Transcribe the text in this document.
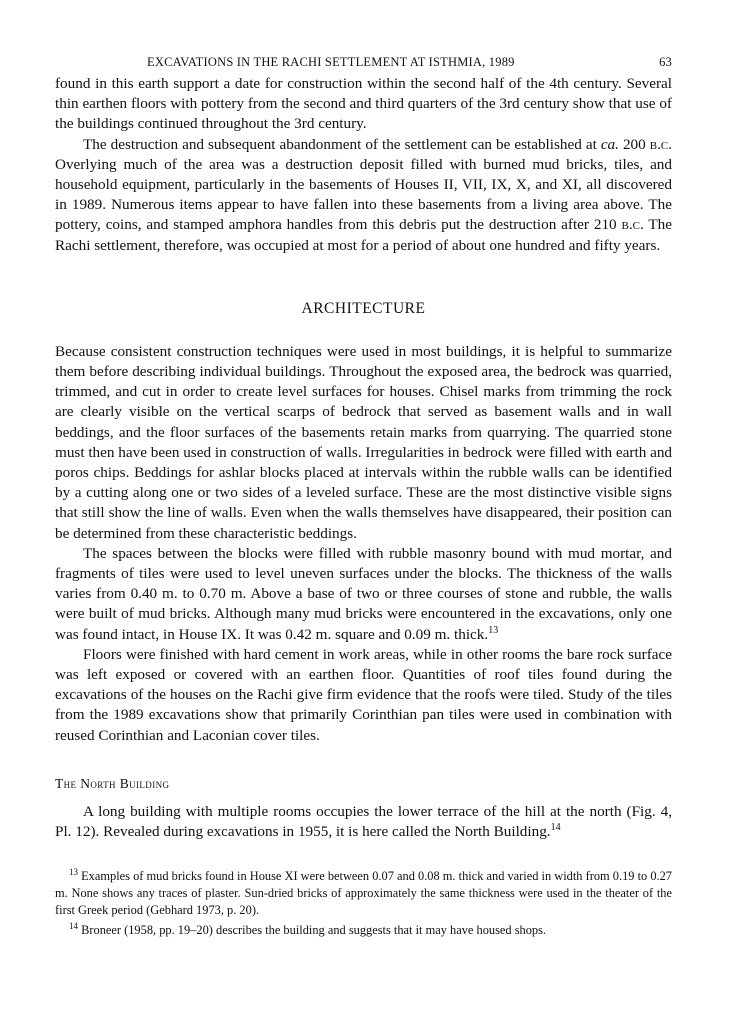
EXCAVATIONS IN THE RACHI SETTLEMENT AT ISTHMIA, 1989	63

found in this earth support a date for construction within the second half of the 4th century. Several thin earthen floors with pottery from the second and third quarters of the 3rd century show that use of the buildings continued throughout the 3rd century.

The destruction and subsequent abandonment of the settlement can be established at ca. 200 b.c. Overlying much of the area was a destruction deposit filled with burned mud bricks, tiles, and household equipment, particularly in the basements of Houses II, VII, IX, X, and XI, all discovered in 1989. Numerous items appear to have fallen into these basements from a living area above. The pottery, coins, and stamped amphora handles from this debris put the destruction after 210 b.c. The Rachi settlement, therefore, was occupied at most for a period of about one hundred and fifty years.

ARCHITECTURE

Because consistent construction techniques were used in most buildings, it is helpful to summarize them before describing individual buildings. Throughout the exposed area, the bedrock was quarried, trimmed, and cut in order to create level surfaces for houses. Chisel marks from trimming the rock are clearly visible on the vertical scarps of bedrock that served as basement walls and in wall beddings, and the floor surfaces of the basements retain marks from quarrying. The quarried stone must then have been used in construction of walls. Irregularities in bedrock were filled with earth and poros chips. Beddings for ashlar blocks placed at intervals within the rubble walls can be identified by a cutting along one or two sides of a leveled surface. These are the most distinctive visible signs that still show the line of walls. Even when the walls themselves have disappeared, their position can be determined from these characteristic beddings.

The spaces between the blocks were filled with rubble masonry bound with mud mortar, and fragments of tiles were used to level uneven surfaces under the blocks. The thickness of the walls varies from 0.40 m. to 0.70 m. Above a base of two or three courses of stone and rubble, the walls were built of mud bricks. Although many mud bricks were encountered in the excavations, only one was found intact, in House IX. It was 0.42 m. square and 0.09 m. thick.$^{13}$

Floors were finished with hard cement in work areas, while in other rooms the bare rock surface was left exposed or covered with an earthen floor. Quantities of roof tiles found during the excavations of the houses on the Rachi give firm evidence that the roofs were tiled. Study of the tiles from the 1989 excavations show that primarily Corinthian pan tiles were used in combination with reused Corinthian and Laconian cover tiles.

The North Building

A long building with multiple rooms occupies the lower terrace of the hill at the north (Fig. 4, Pl. 12). Revealed during excavations in 1955, it is here called the North Building.$^{14}$

$^{13}$ Examples of mud bricks found in House XI were between 0.07 and 0.08 m. thick and varied in width from 0.19 to 0.27 m. None shows any traces of plaster. Sun-dried bricks of approximately the same thickness were used in the theater of the first Greek period (Gebhard 1973, p. 20).

$^{14}$ Broneer (1958, pp. 19–20) describes the building and suggests that it may have housed shops.
